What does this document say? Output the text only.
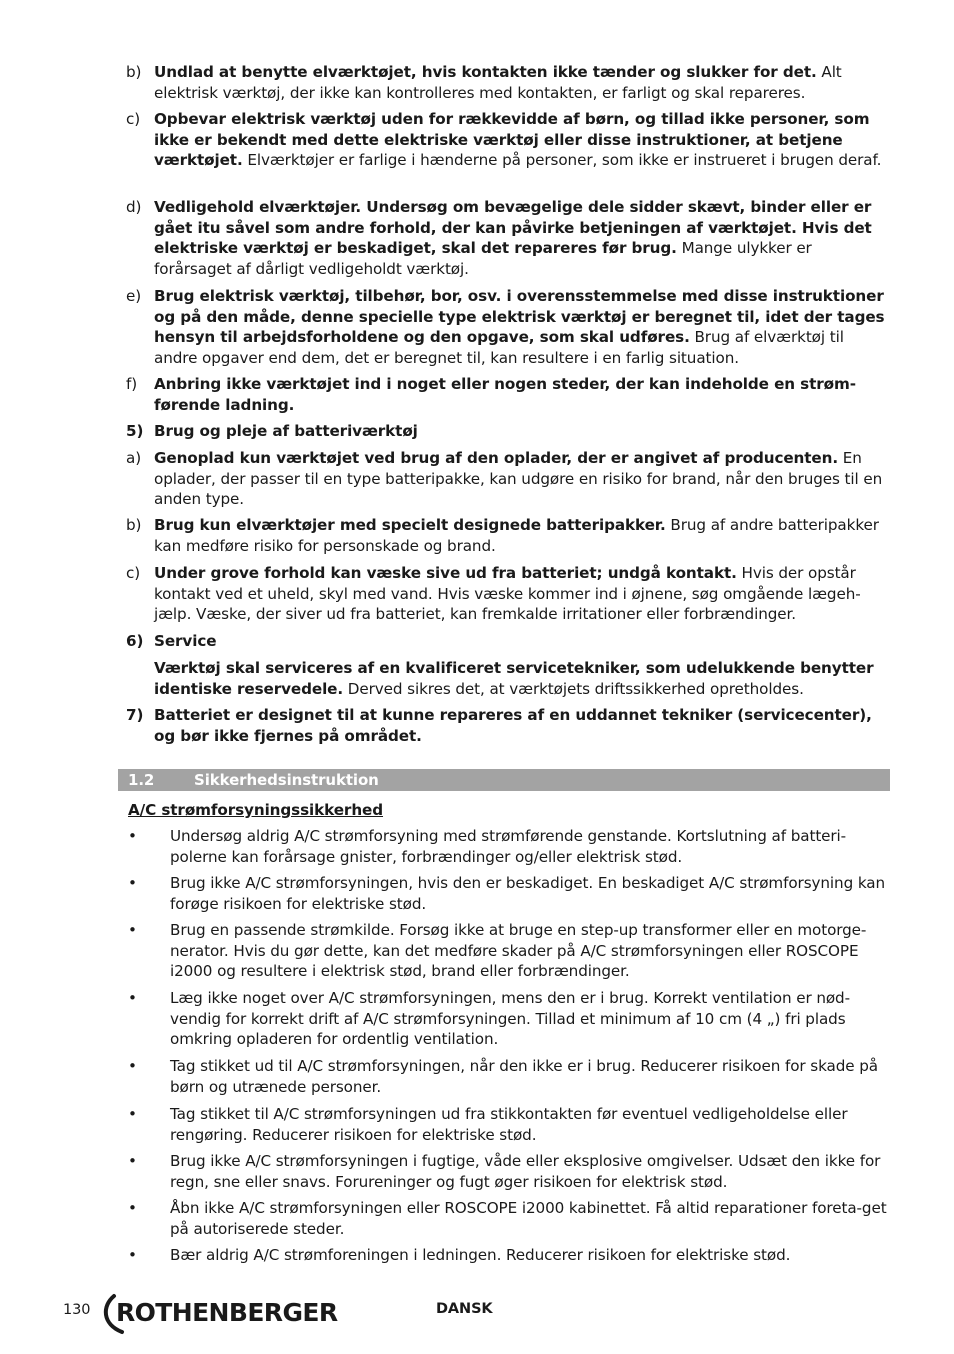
b) Undlad at benytte elværktøjet, hvis kontakten ikke tænder og slukker for det. Alt elektrisk værktøj, der ikke kan kontrolleres med kontakten, er farligt og skal repareres.
c) Opbevar elektrisk værktøj uden for rækkevidde af børn, og tillad ikke personer, som ikke er bekendt med dette elektriske værktøj eller disse instruktioner, at betjene værktøjet. Elværktøjer er farlige i hænderne på personer, som ikke er instrueret i brugen deraf.
d) Vedligehold elværktøjer. Undersøg om bevægelige dele sidder skævt, binder eller er gået itu såvel som andre forhold, der kan påvirke betjeningen af værktøjet. Hvis det elektriske værktøj er beskadiget, skal det repareres før brug. Mange ulykker er forårsaget af dårligt vedligeholdt værktøj.
e) Brug elektrisk værktøj, tilbehør, bor, osv. i overensstemmelse med disse instruktioner og på den måde, denne specielle type elektrisk værktøj er beregnet til, idet der tages hensyn til arbejdsforholdene og den opgave, som skal udføres. Brug af elværktøj til andre opgaver end dem, det er beregnet til, kan resultere i en farlig situation.
f)	Anbring ikke værktøjet ind i noget eller nogen steder, der kan indeholde en strøm-førende ladning.
5) Brug og pleje af batteriværktøj
a) Genoplad kun værktøjet ved brug af den oplader, der er angivet af producenten. En oplader, der passer til en type batteripakke, kan udgøre en risiko for brand, når den bruges til en anden type.
b) Brug kun elværktøjer med specielt designede batteripakker. Brug af andre batteripakker kan medføre risiko for personskade og brand.
c) Under grove forhold kan væske sive ud fra batteriet; undgå kontakt. Hvis der opstår kontakt ved et uheld, skyl med vand. Hvis væske kommer ind i øjnene, søg omgående lægeh-jælp. Væske, der siver ud fra batteriet, kan fremkalde irritationer eller forbrændinger.
6) Service
Værktøj skal serviceres af en kvalificeret servicetekniker, som udelukkende benytter identiske reservedele. Derved sikres det, at værktøjets driftssikkerhed opretholdes.
7) Batteriet er designet til at kunne repareres af en uddannet tekniker (servicecenter), og bør ikke fjernes på området.
1.2	Sikkerhedsinstruktion
A/C strømforsyningssikkerhed
• Undersøg aldrig A/C strømforsyning med strømførende genstande. Kortslutning af batteri-polerne kan forårsage gnister, forbrændinger og/eller elektrisk stød.
• Brug ikke A/C strømforsyningen, hvis den er beskadiget. En beskadiget A/C strømforsyning kan forøge risikoen for elektriske stød.
• Brug en passende strømkilde. Forsøg ikke at bruge en step-up transformer eller en motorge-nerator. Hvis du gør dette, kan det medføre skader på A/C strømforsyningen eller ROSCOPE i2000 og resultere i elektrisk stød, brand eller forbrændinger.
• Læg ikke noget over A/C strømforsyningen, mens den er i brug. Korrekt ventilation er nød-vendig for korrekt drift af A/C strømforsyningen. Tillad et minimum af 10 cm (4 „) fri plads omkring opladeren for ordentlig ventilation.
• Tag stikket ud til A/C strømforsyningen, når den ikke er i brug. Reducerer risikoen for skade på børn og utrænede personer.
• Tag stikket til A/C strømforsyningen ud fra stikkontakten før eventuel vedligeholdelse eller rengøring. Reducerer risikoen for elektriske stød.
• Brug ikke A/C strømforsyningen i fugtige, våde eller eksplosive omgivelser. Udsæt den ikke for regn, sne eller snavs. Forureninger og fugt øger risikoen for elektrisk stød.
• Åbn ikke A/C strømforsyningen eller ROSCOPE i2000 kabinettet. Få altid reparationer foreta-get på autoriserede steder.
• Bær aldrig A/C strømforeningen i ledningen. Reducerer risikoen for elektriske stød.
130 ROTHENBERGER	DANSK
